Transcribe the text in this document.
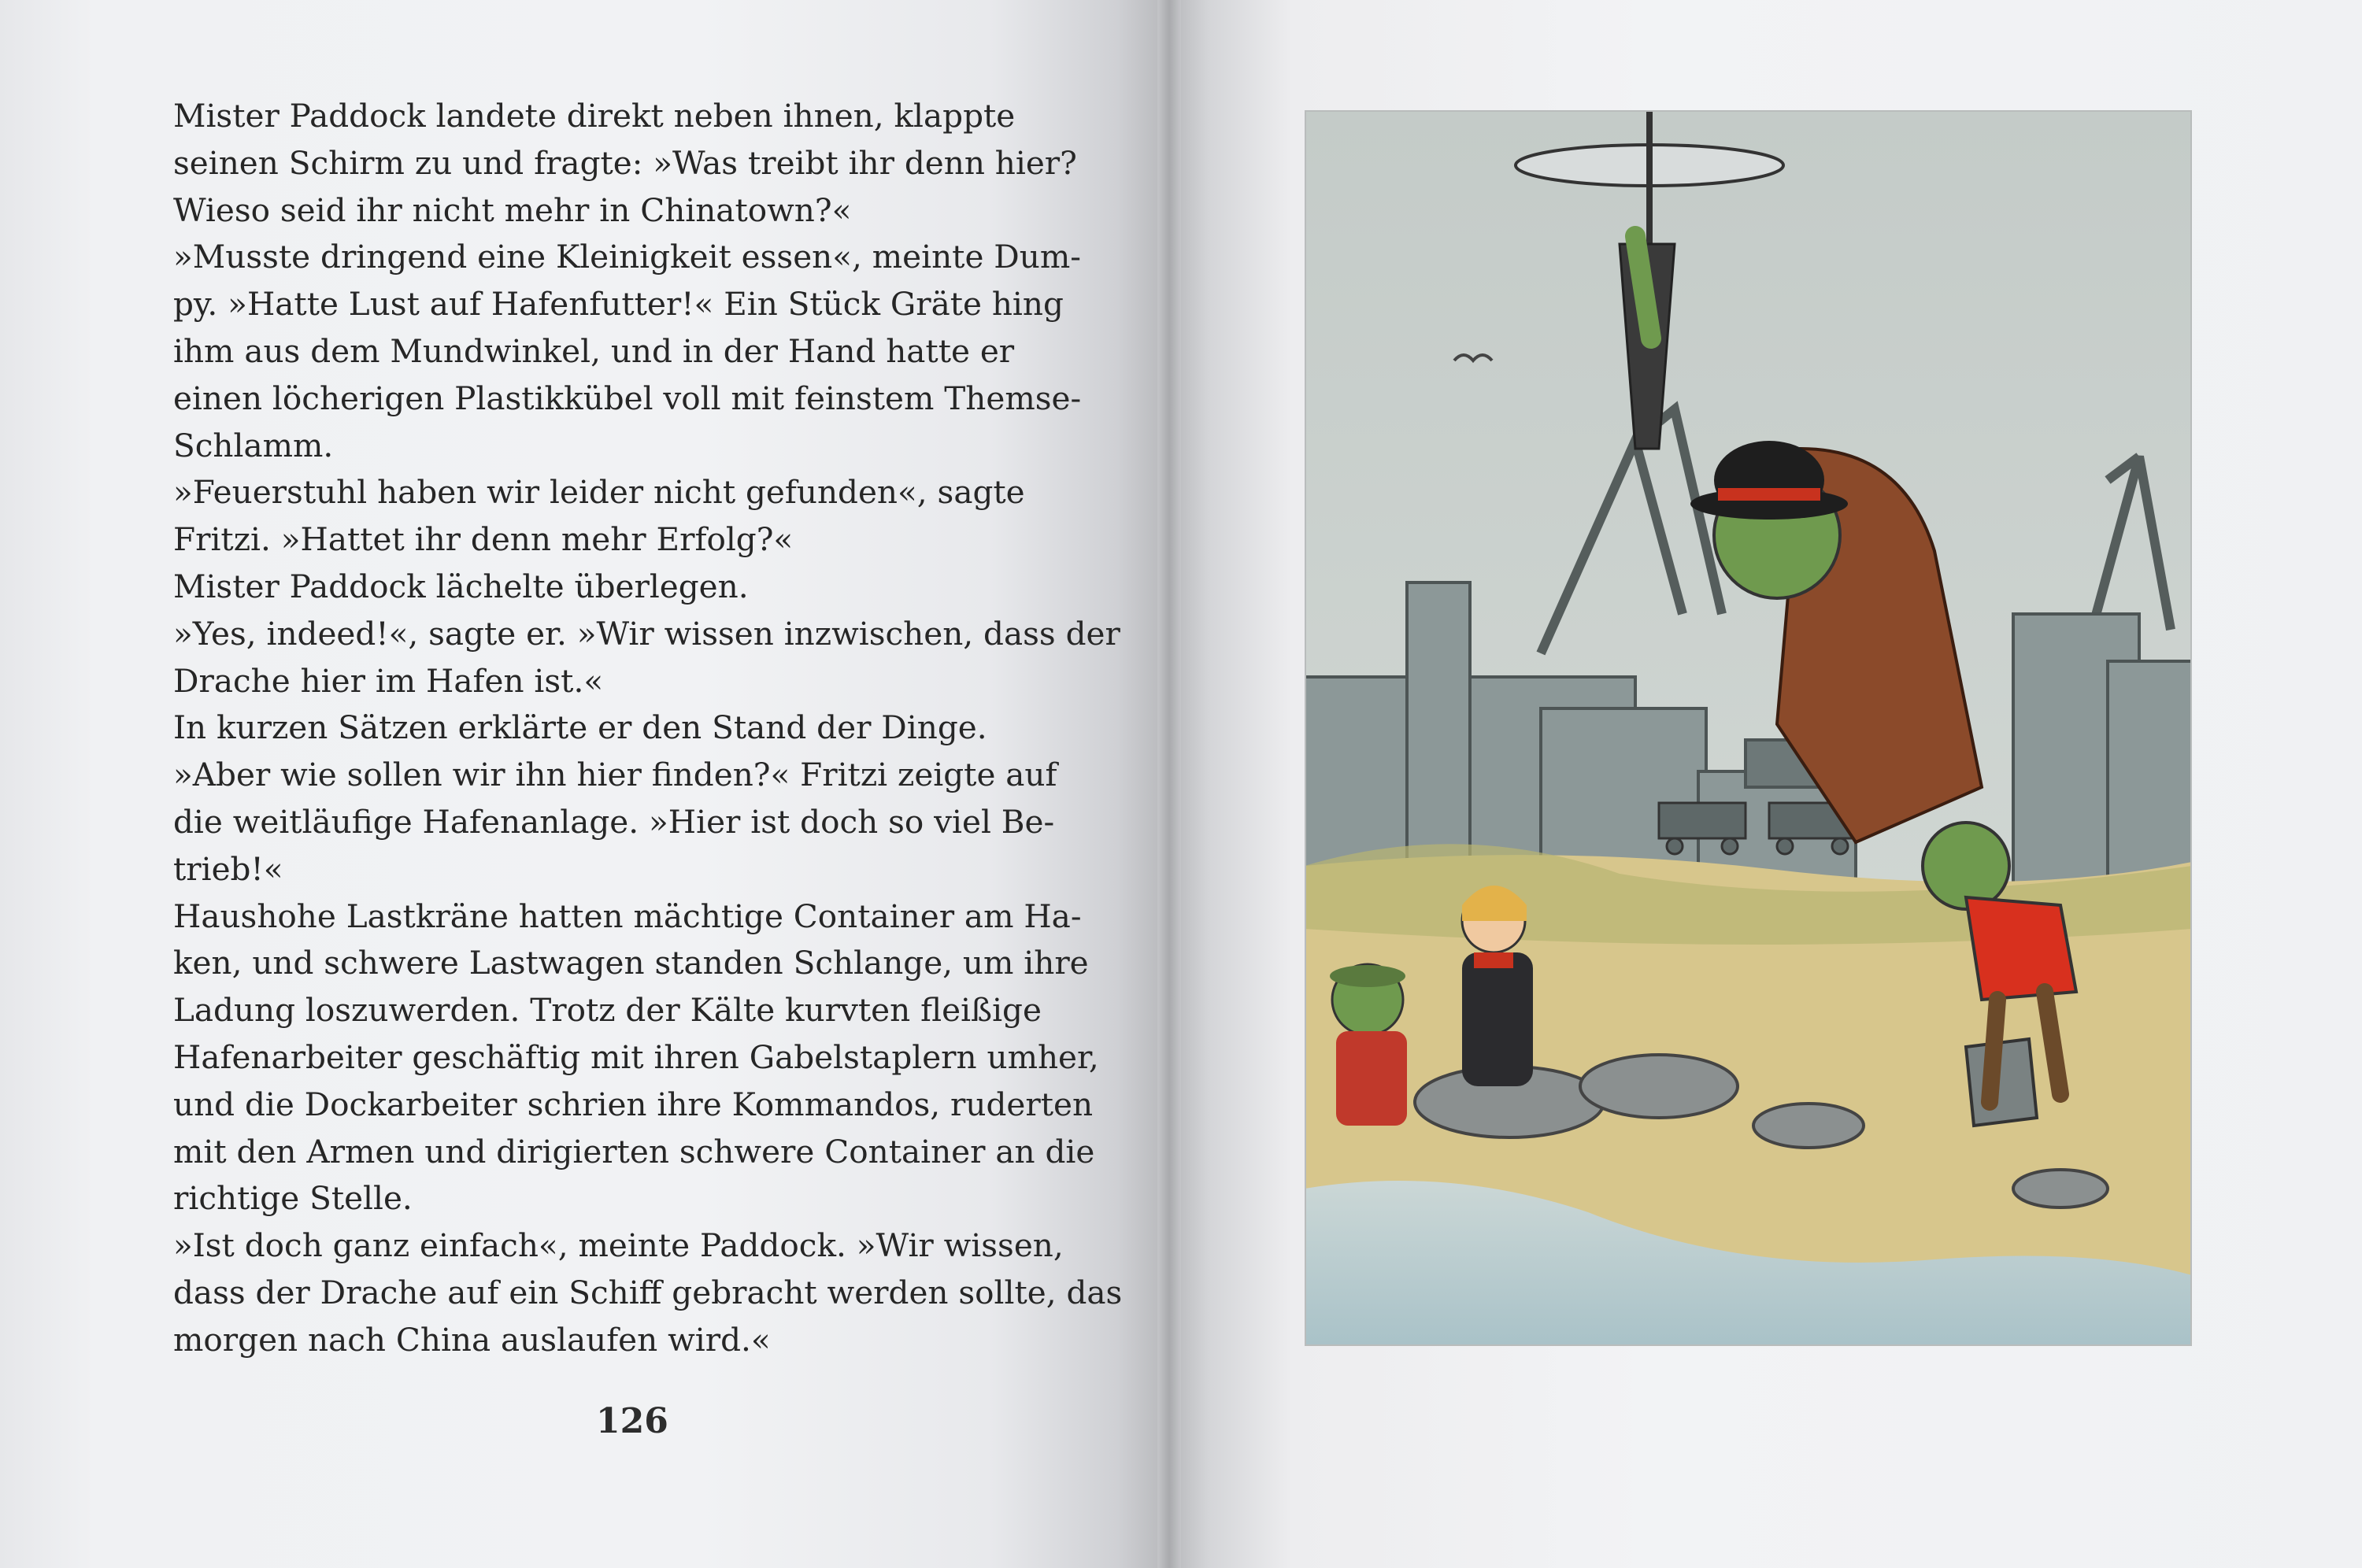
Mister Paddock landete direkt neben ihnen, klappte
seinen Schirm zu und fragte: »Was treibt ihr denn hier?
Wieso seid ihr nicht mehr in Chinatown?«
»Musste dringend eine Kleinigkeit essen«, meinte Dum-
py. »Hatte Lust auf Hafenfutter!« Ein Stück Gräte hing
ihm aus dem Mundwinkel, und in der Hand hatte er
einen löcherigen Plastikkübel voll mit feinstem Themse-
Schlamm.
»Feuerstuhl haben wir leider nicht gefunden«, sagte
Fritzi. »Hattet ihr denn mehr Erfolg?«
Mister Paddock lächelte überlegen.
»Yes, indeed!«, sagte er. »Wir wissen inzwischen, dass der
Drache hier im Hafen ist.«
In kurzen Sätzen erklärte er den Stand der Dinge.
»Aber wie sollen wir ihn hier finden?« Fritzi zeigte auf
die weitläufige Hafenanlage. »Hier ist doch so viel Be-
trieb!«
Haushohe Lastkräne hatten mächtige Container am Ha-
ken, und schwere Lastwagen standen Schlange, um ihre
Ladung loszuwerden. Trotz der Kälte kurvten fleißige
Hafenarbeiter geschäftig mit ihren Gabelstaplern umher,
und die Dockarbeiter schrien ihre Kommandos, ruderten
mit den Armen und dirigierten schwere Container an die
richtige Stelle.
»Ist doch ganz einfach«, meinte Paddock. »Wir wissen,
dass der Drache auf ein Schiff gebracht werden sollte, das
morgen nach China auslaufen wird.«
126
